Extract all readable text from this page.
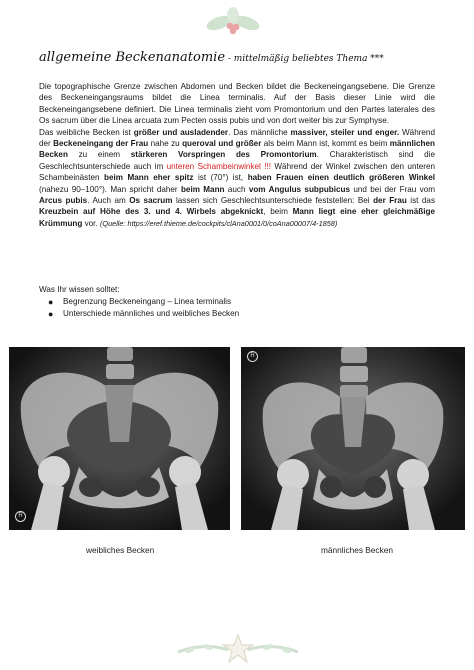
allgemeine Beckenanatomie - mittelmäßig beliebtes Thema ***

Die topographische Grenze zwischen Abdomen und Becken bildet die Beckeneingangsebene. Die Grenze des Beckeneingangsraums bildet die Linea terminalis. Auf der Basis dieser Linie wird die Beckeneingangsebene definiert. Die Linea terminalis zieht vom Promontorium und den Partes laterales des Os sacrum über die Linea arcuata zum Pecten ossis pubis und von dort weiter bis zur Symphyse.

Das weibliche Becken ist größer und ausladender. Das männliche massiver, steiler und enger. Während der Beckeneingang der Frau nahe zu queroval und größer als beim Mann ist, kommt es beim männlichen Becken zu einem stärkeren Vorspringen des Promontorium. Charakteristisch sind die Geschlechtsunterschiede auch im unteren Schambeinwinkel !!! Während der Winkel zwischen den unteren Schambeinästen beim Mann eher spitz ist (70°) ist, haben Frauen einen deutlich größeren Winkel (nahezu 90–100°). Man spricht daher beim Mann auch vom Angulus subpubicus und bei der Frau vom Arcus pubis. Auch am Os sacrum lassen sich Geschlechtsunterschiede feststellen: Bei der Frau ist das Kreuzbein auf Höhe des 3. und 4. Wirbels abgeknickt, beim Mann liegt eine eher gleichmäßige Krümmung vor. (Quelle: https://eref.thieme.de/cockpits/clAna0001/0/coAna00007/4-1858)

Was Ihr wissen solltet:
● Begrenzung Beckeneingang – Linea terminalis
● Unterschiede männliches und weibliches Becken
R
R
weibliches Becken	männliches Becken
